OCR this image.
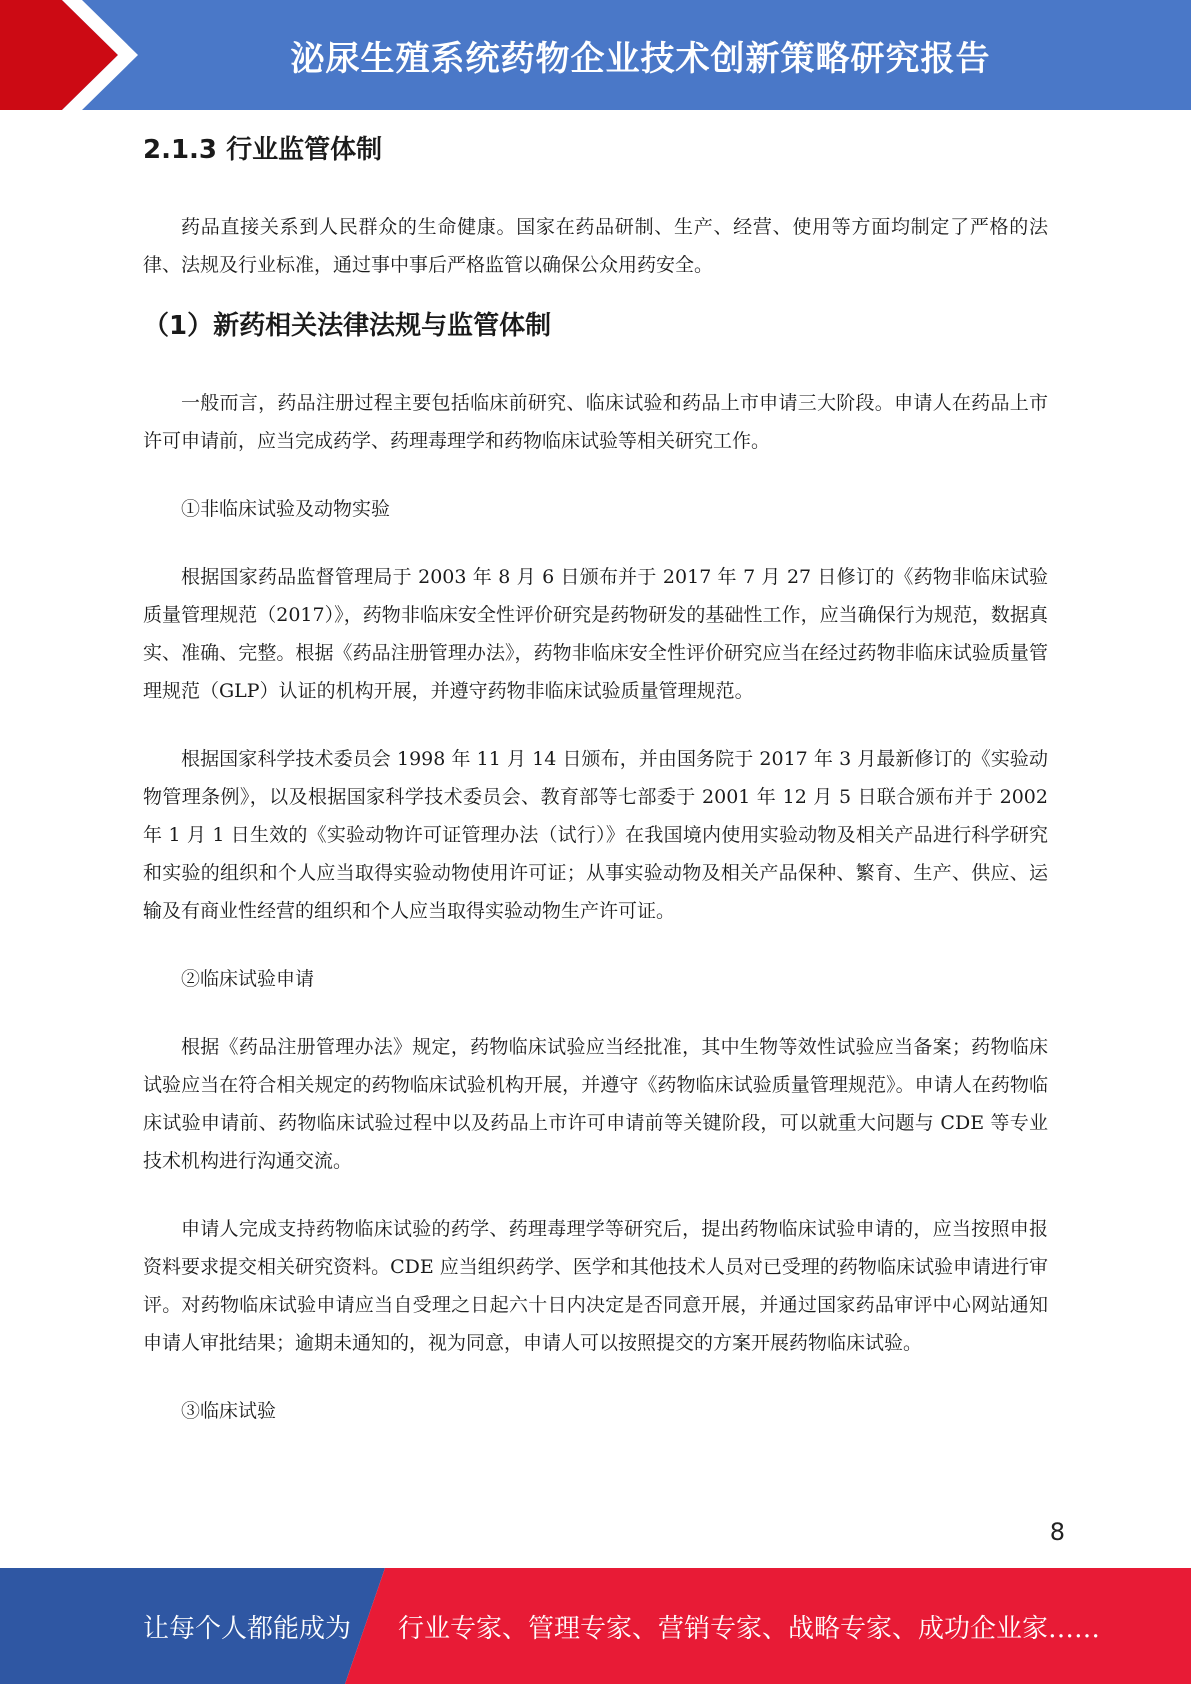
泌尿生殖系统药物企业技术创新策略研究报告
2.1.3 行业监管体制

药品直接关系到人民群众的生命健康。国家在药品研制、生产、经营、使用等方面均制定了严格的法律、法规及行业标准，通过事中事后严格监管以确保公众用药安全。

（1）新药相关法律法规与监管体制

一般而言，药品注册过程主要包括临床前研究、临床试验和药品上市申请三大阶段。申请人在药品上市许可申请前，应当完成药学、药理毒理学和药物临床试验等相关研究工作。

①非临床试验及动物实验

根据国家药品监督管理局于 2003 年 8 月 6 日颁布并于 2017 年 7 月 27 日修订的《药物非临床试验质量管理规范（2017）》，药物非临床安全性评价研究是药物研发的基础性工作，应当确保行为规范，数据真实、准确、完整。根据《药品注册管理办法》，药物非临床安全性评价研究应当在经过药物非临床试验质量管理规范（GLP）认证的机构开展，并遵守药物非临床试验质量管理规范。

根据国家科学技术委员会 1998 年 11 月 14 日颁布，并由国务院于 2017 年 3 月最新修订的《实验动物管理条例》，以及根据国家科学技术委员会、教育部等七部委于 2001 年 12 月 5 日联合颁布并于 2002 年 1 月 1 日生效的《实验动物许可证管理办法（试行）》在我国境内使用实验动物及相关产品进行科学研究和实验的组织和个人应当取得实验动物使用许可证；从事实验动物及相关产品保种、繁育、生产、供应、运输及有商业性经营的组织和个人应当取得实验动物生产许可证。

②临床试验申请

根据《药品注册管理办法》规定，药物临床试验应当经批准，其中生物等效性试验应当备案；药物临床试验应当在符合相关规定的药物临床试验机构开展，并遵守《药物临床试验质量管理规范》。申请人在药物临床试验申请前、药物临床试验过程中以及药品上市许可申请前等关键阶段，可以就重大问题与 CDE 等专业技术机构进行沟通交流。

申请人完成支持药物临床试验的药学、药理毒理学等研究后，提出药物临床试验申请的，应当按照申报资料要求提交相关研究资料。CDE 应当组织药学、医学和其他技术人员对已受理的药物临床试验申请进行审评。对药物临床试验申请应当自受理之日起六十日内决定是否同意开展，并通过国家药品审评中心网站通知申请人审批结果；逾期未通知的，视为同意，申请人可以按照提交的方案开展药物临床试验。

③临床试验
8
让每个人都能成为 行业专家、管理专家、营销专家、战略专家、成功企业家……
